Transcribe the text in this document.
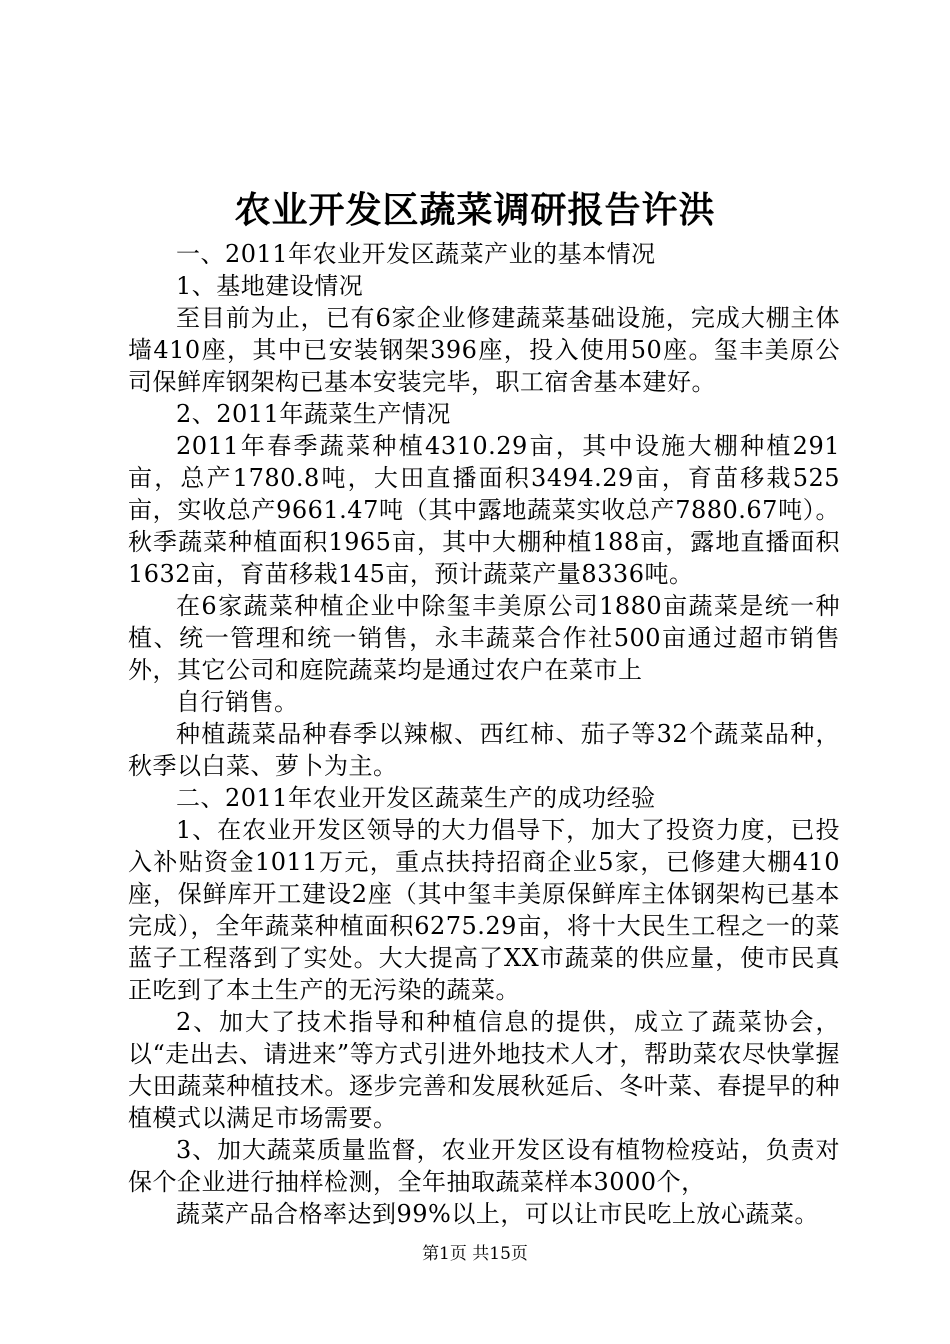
农业开发区蔬菜调研报告许洪

一、2011年农业开发区蔬菜产业的基本情况

1、基地建设情况

至目前为止，已有6家企业修建蔬菜基础设施，完成大棚主体墙410座，其中已安装钢架396座，投入使用50座。玺丰美原公司保鲜库钢架构已基本安装完毕，职工宿舍基本建好。

2、2011年蔬菜生产情况

2011年春季蔬菜种植4310.29亩，其中设施大棚种植291亩，总产1780.8吨，大田直播面积3494.29亩，育苗移栽525亩，实收总产9661.47吨（其中露地蔬菜实收总产7880.67吨）。秋季蔬菜种植面积1965亩，其中大棚种植188亩，露地直播面积1632亩，育苗移栽145亩，预计蔬菜产量8336吨。

在6家蔬菜种植企业中除玺丰美原公司1880亩蔬菜是统一种植、统一管理和统一销售，永丰蔬菜合作社500亩通过超市销售外，其它公司和庭院蔬菜均是通过农户在菜市上

自行销售。

种植蔬菜品种春季以辣椒、西红柿、茄子等32个蔬菜品种，秋季以白菜、萝卜为主。

二、2011年农业开发区蔬菜生产的成功经验

1、在农业开发区领导的大力倡导下，加大了投资力度，已投入补贴资金1011万元，重点扶持招商企业5家，已修建大棚410座，保鲜库开工建设2座（其中玺丰美原保鲜库主体钢架构已基本完成），全年蔬菜种植面积6275.29亩，将十大民生工程之一的菜蓝子工程落到了实处。大大提高了XX市蔬菜的供应量，使市民真正吃到了本土生产的无污染的蔬菜。

2、加大了技术指导和种植信息的提供，成立了蔬菜协会，以“走出去、请进来”等方式引进外地技术人才，帮助菜农尽快掌握大田蔬菜种植技术。逐步完善和发展秋延后、冬叶菜、春提早的种植模式以满足市场需要。

3、加大蔬菜质量监督，农业开发区设有植物检疫站，负责对保个企业进行抽样检测，全年抽取蔬菜样本3000个，

蔬菜产品合格率达到99%以上，可以让市民吃上放心蔬菜。

第1页 共15页
